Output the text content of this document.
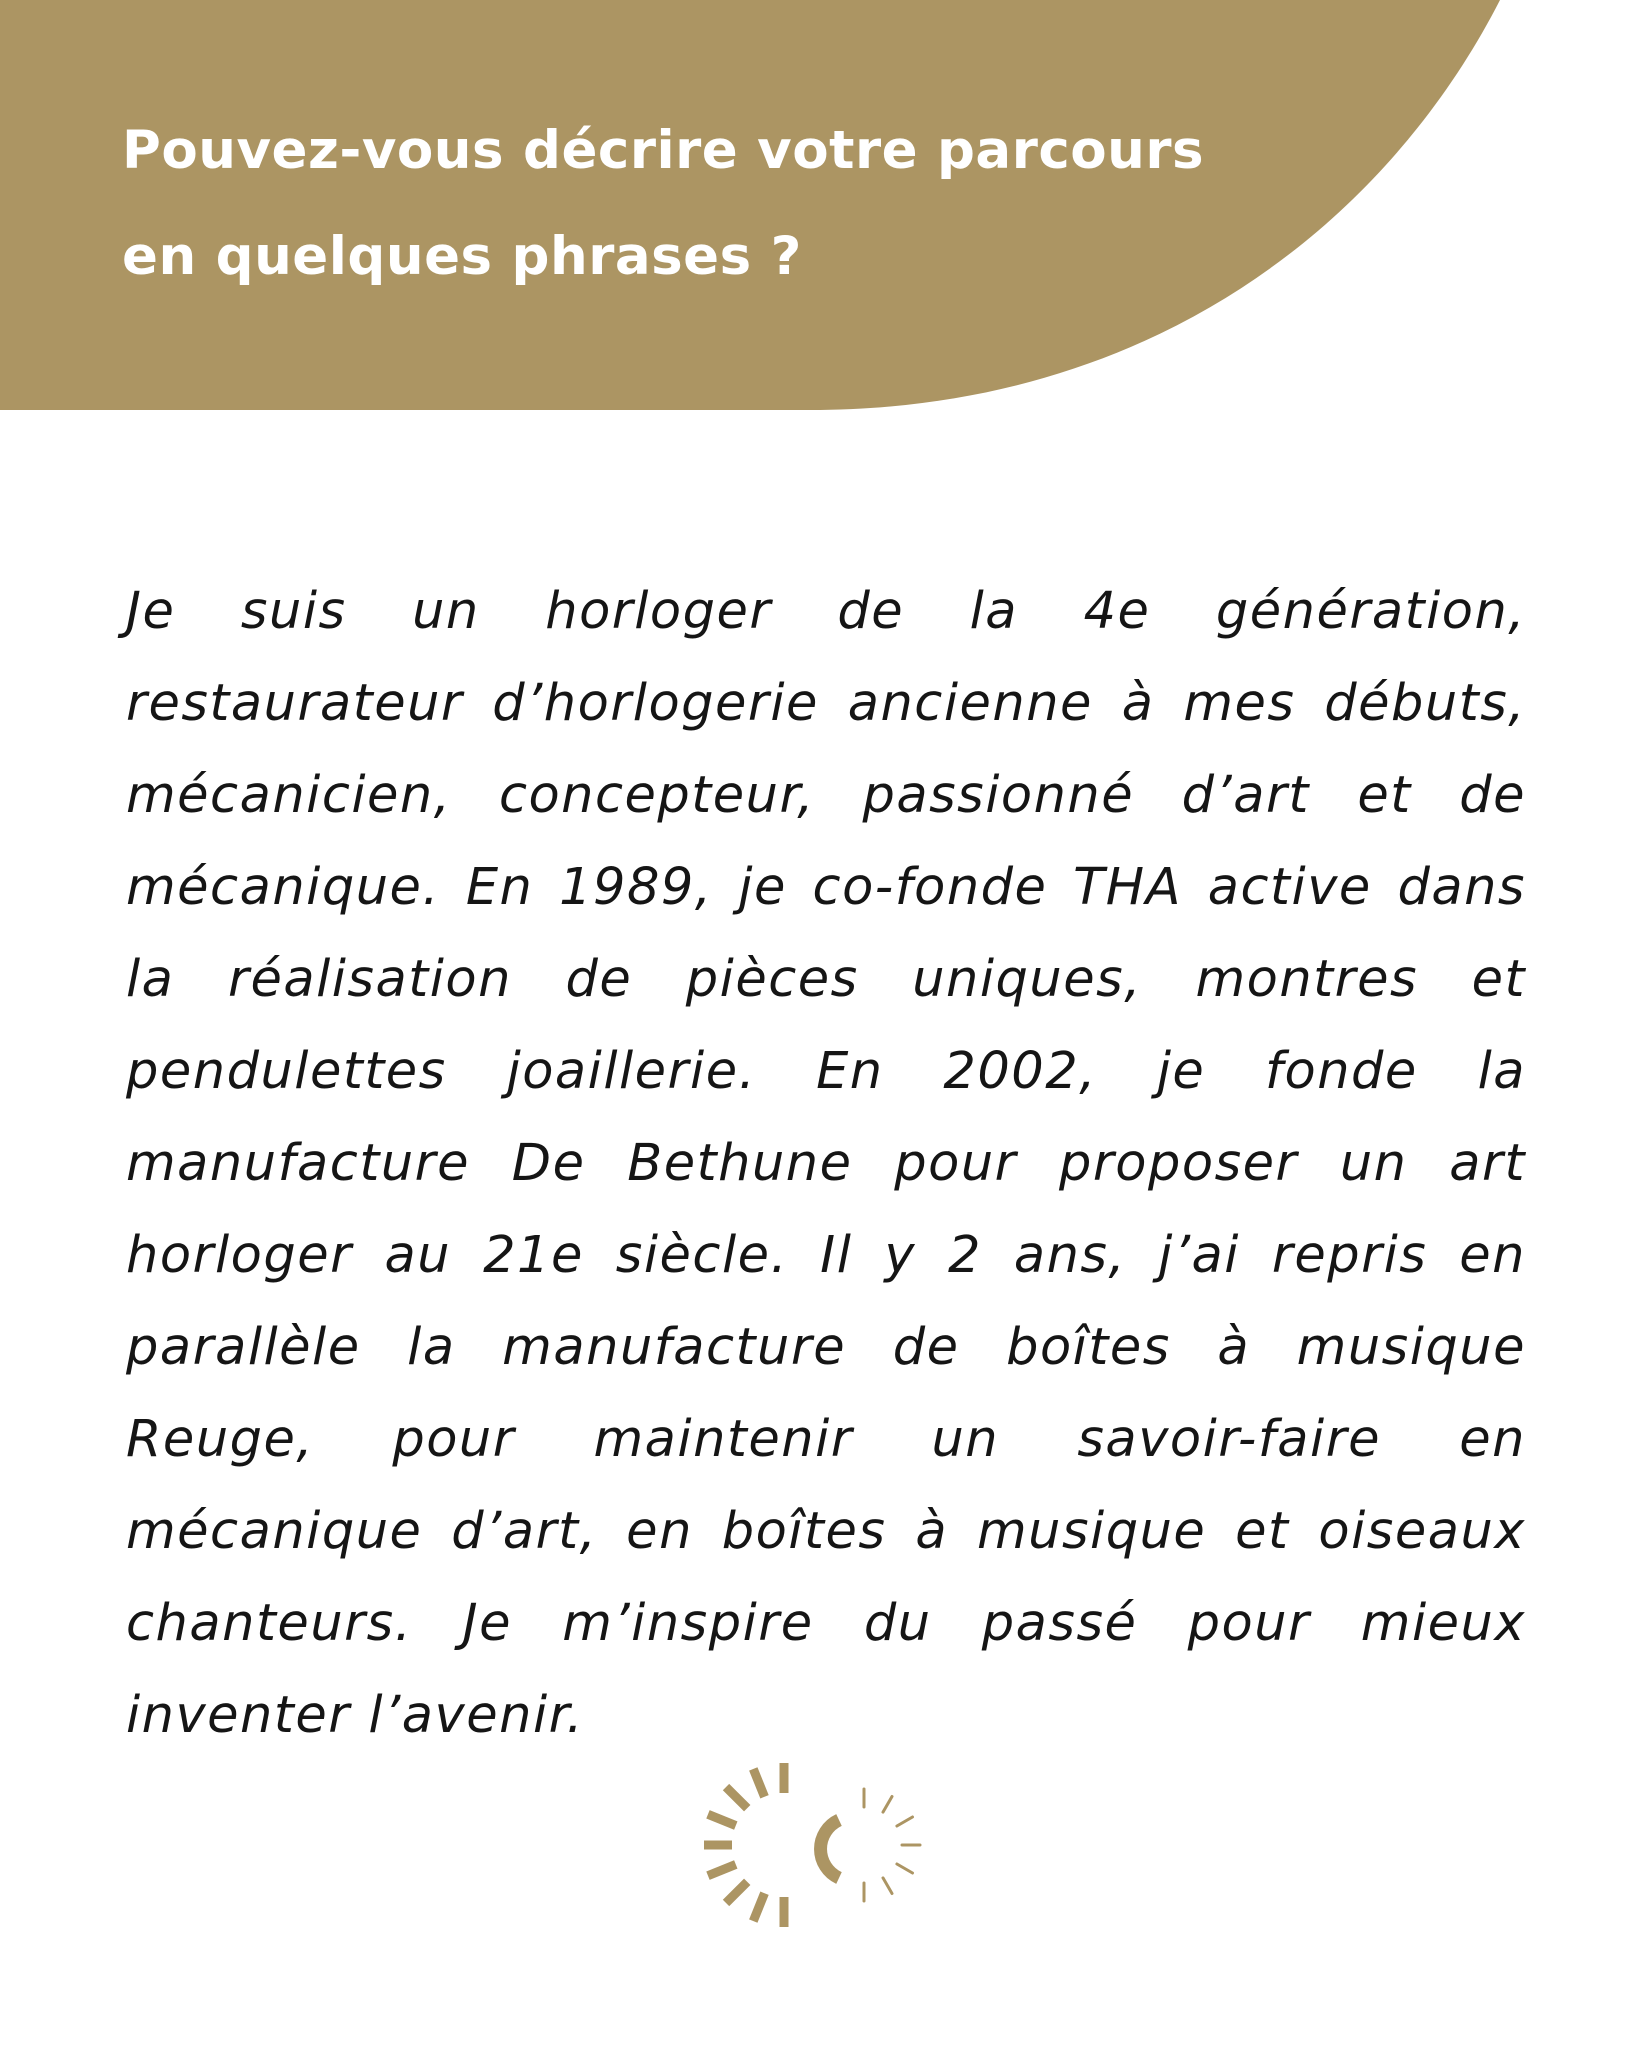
Pouvez-vous décrire votre parcours
en quelques phrases ?

Je suis un horloger de la 4e génération, restaurateur d’horlogerie ancienne à mes débuts, mécanicien, concepteur, passionné d’art et de mécanique. En 1989, je co-fonde THA active dans la réalisation de pièces uniques, montres et pendulettes joaillerie. En 2002, je fonde la manufacture De Bethune pour proposer un art horloger au 21e siècle. Il y 2 ans, j’ai repris en parallèle la manufacture de boîtes à musique Reuge, pour maintenir un savoir-faire en mécanique d’art, en boîtes à musique et oiseaux chanteurs. Je m’inspire du passé pour mieux inventer l’avenir.
